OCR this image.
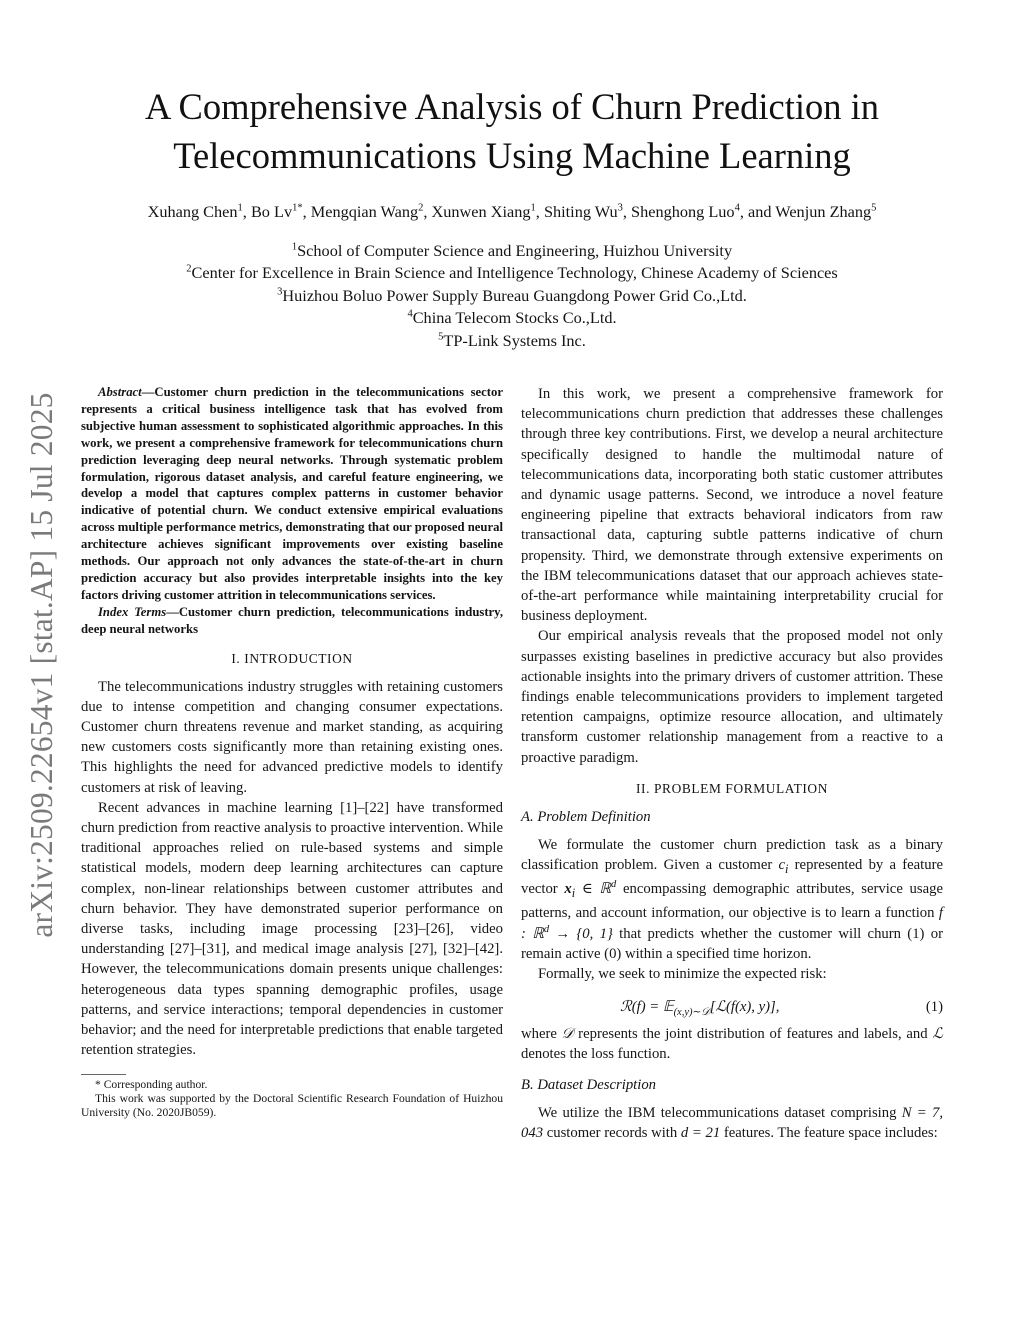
A Comprehensive Analysis of Churn Prediction in
Telecommunications Using Machine Learning
Xuhang Chen$^1$, Bo $Lv^{1*}$, Mengqian Wang$^2$, Xunwen Xiang$^1$, Shiting Wu$^3$, Shenghong Luo$^4$, and Wenjun Zhang$^5$
$^1$School of Computer Science and Engineering, Huizhou University
$^2$Center for Excellence in Brain Science and Intelligence Technology, Chinese Academy of Sciences
$^3$Huizhou Boluo Power Supply Bureau Guangdong Power Grid Co.,Ltd.
$^4$China Telecom Stocks Co.,Ltd.
$^5$TP-Link Systems Inc.
arXiv:2509.22654v1 [stat.AP] 15 Jul 2025

Abstract—Customer churn prediction in the telecommunications sector represents a critical business intelligence task that has evolved from subjective human assessment to sophisticated algorithmic approaches. In this work, we present a comprehensive framework for telecommunications churn prediction leveraging deep neural networks. Through systematic problem formulation, rigorous dataset analysis, and careful feature engineering, we develop a model that captures complex patterns in customer behavior indicative of potential churn. We conduct extensive empirical evaluations across multiple performance metrics, demonstrating that our proposed neural architecture achieves significant improvements over existing baseline methods. Our approach not only advances the state-of-the-art in churn prediction accuracy but also provides interpretable insights into the key factors driving customer attrition in telecommunications services.

Index Terms—Customer churn prediction, telecommunications industry, deep neural networks

I. INTRODUCTION

The telecommunications industry struggles with retaining customers due to intense competition and changing consumer expectations. Customer churn threatens revenue and market standing, as acquiring new customers costs significantly more than retaining existing ones. This highlights the need for advanced predictive models to identify customers at risk of leaving.

Recent advances in machine learning [1]–[22] have transformed churn prediction from reactive analysis to proactive intervention. While traditional approaches relied on rule-based systems and simple statistical models, modern deep learning architectures can capture complex, non-linear relationships between customer attributes and churn behavior. They have demonstrated superior performance on diverse tasks, including image processing [23]–[26], video understanding [27]–[31], and medical image analysis [27], [32]–[42]. However, the telecommunications domain presents unique challenges: heterogeneous data types spanning demographic profiles, usage patterns, and service interactions; temporal dependencies in customer behavior; and the need for interpretable predictions that enable targeted retention strategies.

* Corresponding author.

This work was supported by the Doctoral Scientific Research Foundation of Huizhou University (No. 2020JB059).

In this work, we present a comprehensive framework for telecommunications churn prediction that addresses these challenges through three key contributions. First, we develop a neural architecture specifically designed to handle the multimodal nature of telecommunications data, incorporating both static customer attributes and dynamic usage patterns. Second, we introduce a novel feature engineering pipeline that extracts behavioral indicators from raw transactional data, capturing subtle patterns indicative of churn propensity. Third, we demonstrate through extensive experiments on the IBM telecommunications dataset that our approach achieves state-of-the-art performance while maintaining interpretability crucial for business deployment.

Our empirical analysis reveals that the proposed model not only surpasses existing baselines in predictive accuracy but also provides actionable insights into the primary drivers of customer attrition. These findings enable telecommunications providers to implement targeted retention campaigns, optimize resource allocation, and ultimately transform customer relationship management from a reactive to a proactive paradigm.

II. PROBLEM FORMULATION
A. Problem Definition

We formulate the customer churn prediction task as a binary classification problem. Given a customer $c_i$ represented by a feature vector $x_i$ ∈ ℝ$^d$ encompassing demographic attributes, service usage patterns, and account information, our objective is to learn a function f : ℝ$^d$ → {0, 1} that predicts whether the customer will churn (1) or remain active (0) within a specified time horizon.

Formally, we seek to minimize the expected risk:

ℛ(f) = 𝔼$_{(x,y)\sim 𝒟}$[ℒ(f(x), y)],	(1)

where 𝒟 represents the joint distribution of features and labels, and ℒ denotes the loss function.

B. Dataset Description

We utilize the IBM telecommunications dataset comprising N = 7, 043 customer records with d = 21 features. The feature space includes:
